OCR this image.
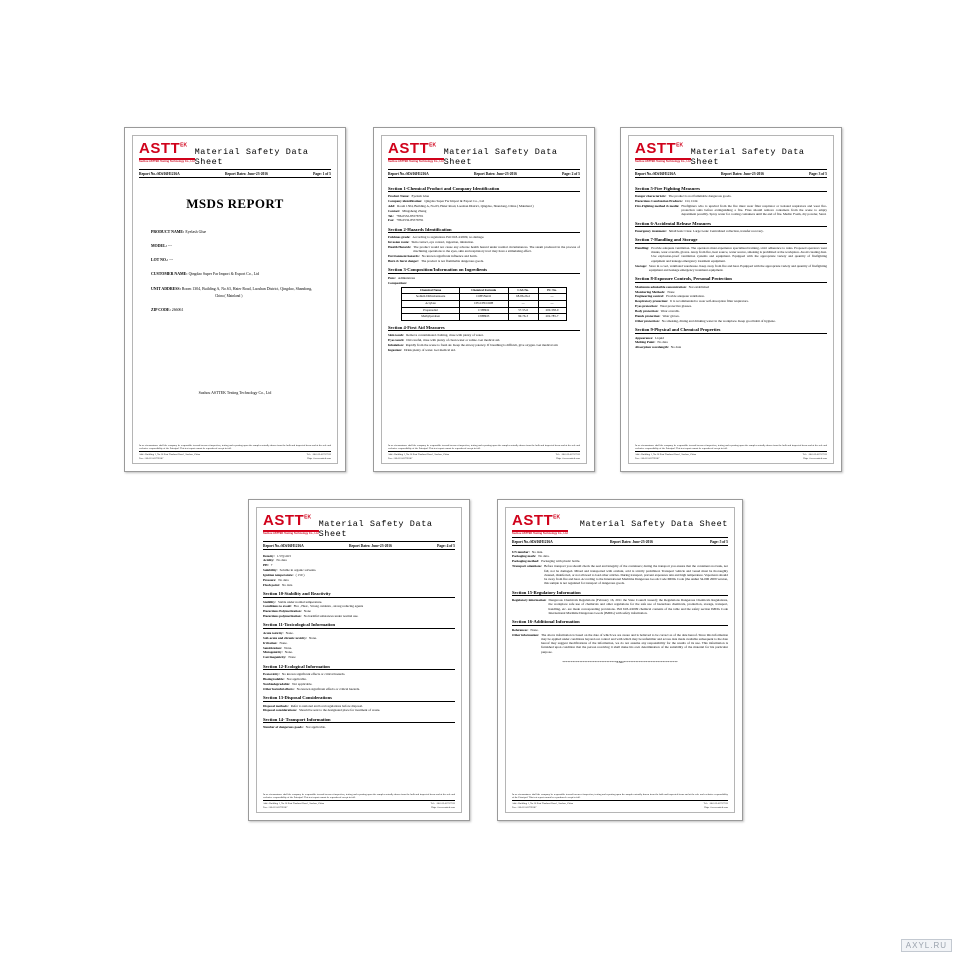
$ASTT^{EK}$
Suzhou ASTTEK Testing Technology Co., Ltd
Material Safety Data Sheet
Report No.:SD#16H1216A	Report Dates: June-23-2016	Page: 1 of 5
MSDS REPORT
PRODUCT NAME: Eyelash Glue
MODEL: ---
LOT NO.: ---
CUSTOMER NAME: Qingdao Super Far Import & Export Co., Ltd
UNIT ADDRESS: Room 1304, Building A, No.63, Haier Road, Laoshan District, Qingdao, Shandong,
China ( Mainland )
ZIP CODE: 266061
Suzhou ASTTEK Testing Technology Co., Ltd
In no circumstance shall the company be responsible toward incorrect inspection, testing and reporting upon the samples actually drawn from the bulk and inspected items and at the sole and exclusive responsibility of the Principal. This test report cannot be reproduced except in full.
Add.: Building 1, No.16 East Tianhuai Road , Suzhou, China	Tel.: +86-512-62757912
Fax: +86-512-62799167	Http: //www.asttek.com
$ASTT^{EK}$
Suzhou ASTTEK Testing Technology Co., Ltd
Material Safety Data Sheet
Report No.:SD#16H1216A	Report Dates: June-23-2016	Page: 2 of 5
Section 1-Chemical Product and Company Identification
Product Name: Eyelash Glue
Company identification: Qingdao Super Far Import & Export Co., Ltd
Add: Room 1304, Building A, No.63, Haier Road, Laoshan District, Qingdao, Shandong, China ( Mainland )
Contact: Mingsheng Zhang
Tel.: +86-0532-85576791
Fax: +86-0532-85576791
Section 2-Hazards Identification
Fulshnes grade: According to regulations ISO 618-4:2009, no damage.
Invasion route: Skin contact, eye contact, ingestion, inhalation.
Health Hazards: The product would not cause any adverse health hazard under normal circumstances. The steam produced in the process of machining operations to the eyes, skin and respiratory tract may have a stimulating effect.
Environment hazards: No known significant influence and harm.
Burn & burst danger: The product is not flammable dangerous goods.
Section 3-Composition/Information on Ingredients
Pure: Administrate
Composition:
Chemical Name	Chemical Formula	CAS No.	EC No.
Sodium Dithrobenzoate	C6H5NaO2	68-86-26-2	---
Acrylate	CH=CHCOOH	---	---
Propanediol	C3H8O2	57-55-6	200-338-0
Methylparaben	C8H8O3	99-76-3	202-785-7
Section 4-First Aid Measures
Skin touch: Remove contaminated clothing, rinse with plenty of water.
Eyes touch: Did careful, rinse with plenty of clean water or saline. Get medical aid.
Inhalation: Rapidly from the scene to fresh air. Keep the airway patency. If breathing is difficult, give oxygen. Get medical aid.
Ingestion: Drink plenty of water. Get medical aid.
In no circumstance shall the company be responsible toward incorrect inspection, testing and reporting upon the samples actually drawn from the bulk and inspected items and at the sole and exclusive responsibility of the Principal. This test report cannot be reproduced except in full.
Add.: Building 1, No.16 East Tianhuai Road , Suzhou, China	Tel.: +86-512-62757912
Fax: +86-512-62799167	Http: //www.asttek.com
$ASTT^{EK}$
Suzhou ASTTEK Testing Technology Co., Ltd
Material Safety Data Sheet
Report No.:SD#16H1216A	Report Dates: June-23-2016	Page: 3 of 5
Section 5-Fire Fighting Measures
Danger characteristic: The product is not flammable dangerous goods.
Hazardous Combustion Products: CO, CO2.
Fire-Fighting method & media: Firefighters who is upwind from the fire must wear filter respirator or isolated respirators and wear fire-protection suits before extinguishing a fire. Fires should remove containers from the scene to empty department possibly. Spray water for cooling containers until the end of fire. Media: Foam, dry powder, Sand.
Section 6-Accidental Release Measures
Emergency treatment: Small leak: Clear. Large Leak: Centralized collection, transfer recovery.
Section 7-Handling and Storage
Handling: Provide adequate ventilation. The operators must experience specialized training, strict adherence to rules. Proposed operators wear masks, wear overalls, gloves. Away from fire, heat source, water source, smoking is prohibited at the workplace. Avoid creating dust. Use explosion-proof ventilation systems and equipment. Equipped with the appropriate variety and quantity of firefighting equipment and leakage emergency treatment equipment.
Storage: Store in a cool, ventilated warehouse. Keep away from fire and heat. Equipped with the appropriate variety and quantity of firefighting equipment and leakage emergency treatment equipment.
Section 8-Exposure Controls, Personal Protection
Maximum admissible concentration: Not established
Monitoring Methods: None
Engineering control: Provide adequate ventilation.
Respiratory protection: It is recommended to wear self-absorption filter respirators.
Eyes protection: Wear protective glasses.
Body protection: Wear overalls.
Hands protection: Wear gloves.
Other protection: No smoking, dining and drinking water in the workplace. Keep good habit of hygiene.
Section 9-Physical and Chemical Properties
Appearance: Liquid
Melting Point: No data
Absorption wavelength: No data
In no circumstance shall the company be responsible toward incorrect inspection, testing and reporting upon the samples actually drawn from the bulk and inspected items and at the sole and exclusive responsibility of the Principal. This test report cannot be reproduced except in full.
Add.: Building 1, No.16 East Tianhuai Road , Suzhou, China	Tel.: +86-512-62757912
Fax: +86-512-62799167	Http: //www.asttek.com
$ASTT^{EK}$
Suzhou ASTTEK Testing Technology Co., Ltd
Material Safety Data Sheet
Report No.:SD#16H1216A	Report Dates: June-23-2016	Page: 4 of 5
Density: 1.57g/cm3
Acidity: No data
PH: 7
Solubility: Soluble in organic solvents.
Ignition temperature: ( 150 )
Pressure: No data
Flash point: No data
Section 10-Stability and Reactivity
Stability: Stable under normal temperature.
Conditions to avoid: Fire , Heat , Strong oxidants , strong reducing agents
Hazardous Polymerization: None
Hazardous polymerization: No harmful substances under normal use.
Section 11-Toxicological Information
Acute toxicity: None.
Sub-acute and chronic toxicity: None.
Irritation: None.
Sensitization: None.
Mutagenicity: None.
Carcinogenicity: None
Section 12-Ecological Information
Ecotoxicity: No known significant effects or critical hazards.
Biodegradable: Not applicable.
Nonbiodegradable: Not applicable.
Other harmful effects: No known significant effects or critical hazards.
Section 13-Disposal Considerations
Disposal methods: Refer to national and local regulations before disposal.
Disposal considerations: Should be sent to the designated place for treatment of waste.
Section 14- Transport Information
Number of dangerous goods: Not applicable.
In no circumstance shall the company be responsible toward incorrect inspection, testing and reporting upon the samples actually drawn from the bulk and inspected items and at the sole and exclusive responsibility of the Principal. This test report cannot be reproduced except in full.
Add.: Building 1, No.16 East Tianhuai Road , Suzhou, China	Tel.: +86-512-62757912
Fax: +86-512-62799167	Http: //www.asttek.com
$ASTT^{EK}$
Suzhou ASTTEK Testing Technology Co., Ltd
Material Safety Data Sheet
Report No.:SD#16H1216A	Report Dates: June-23-2016	Page: 5 of 5
UN number: No data.
Packaging mark: No data.
Packaging method: Packaging with plastic bottle.
Transport attentions: Before transport you should check the seal and integrity of the containers; during the transport you ensure that the containers not leak, not fall, not be damaged. Mixed and transported with oxidant, acid is strictly prohibited. Transport vehicle and vessel must be thoroughly cleaned, disinfected, or not allowed to load other articles. During transport, prevent exposures rain and high temperature. Vaporizers should be away from fire and heat. According to the International Maritime Dangerous Goods Code IMDG Code (the Anhui 34-006 2009 version, this sample is not regulated for transport of dangerous goods.
Section 15-Regulatory Information
Regulatory information: Dangerous Chemicals Regulations (February 16, 2011 the State Council issued); the Regulations Dangerous Chemicals Regulations, the workplace safe use of chemicals and other regulations for the safe use of hazardous chemicals, production, storage, transport, handling, etc. are made corresponding provisions. ISO 618-4:2009 chemical contents of the table and the safety section IMDG Code International Maritime Dangerous Goods (IMDG) with safety information.
Section 16-Additional Information
References: None.
Other information: The above information is based on the date of which we are aware and is believed to be correct as of the date hereof. Since this information may be applied under conditions beyond our control and with which may be unfamiliar and across data made available subsequent to the date hereof may suggest modifications of the information, we do not assume any responsibility for the results of its use. This information is furnished upon condition that the person receiving it shall make his own determination of the suitability of the material for his particular purpose.
********************************END********************************
In no circumstance shall the company be responsible toward incorrect inspection, testing and reporting upon the samples actually drawn from the bulk and inspected items and at the sole and exclusive responsibility of the Principal. This test report cannot be reproduced except in full.
Add.: Building 1, No.16 East Tianhuai Road , Suzhou, China	Tel.: +86-512-62757912
Fax: +86-512-62799167	Http: //www.asttek.com
AXYL.RU
